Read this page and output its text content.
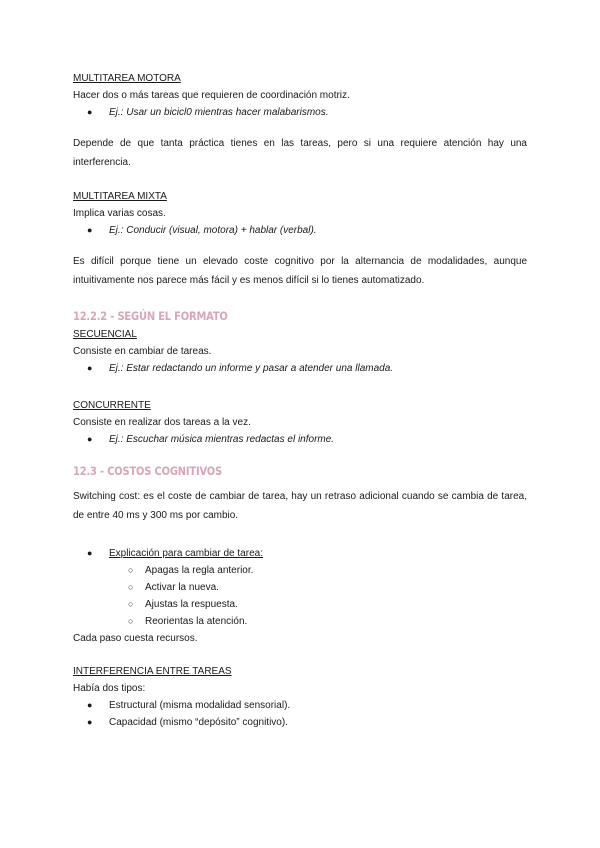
MULTITAREA MOTORA
Hacer dos o más tareas que requieren de coordinación motriz.
● Ej.: Usar un bicicl0 mientras hacer malabarismos.
Depende de que tanta práctica tienes en las tareas, pero si una requiere atención hay una interferencia.
MULTITAREA MIXTA
Implica varias cosas.
● Ej.: Conducir (visual, motora) + hablar (verbal).
Es difícil porque tiene un elevado coste cognitivo por la alternancia de modalidades, aunque intuitivamente nos parece más fácil y es menos difícil si lo tienes automatizado.
12.2.2 - SEGÚN EL FORMATO
SECUENCIAL
Consiste en cambiar de tareas.
● Ej.: Estar redactando un informe y pasar a atender una llamada.
CONCURRENTE
Consiste en realizar dos tareas a la vez.
● Ej.: Escuchar música mientras redactas el informe.
12.3 - COSTOS COGNITIVOS
Switching cost: es el coste de cambiar de tarea, hay un retraso adicional cuando se cambia de tarea, de entre 40 ms y 300 ms por cambio.
● Explicación para cambiar de tarea:
○ Apagas la regla anterior.
○ Activar la nueva.
○ Ajustas la respuesta.
○ Reorientas la atención.
Cada paso cuesta recursos.
INTERFERENCIA ENTRE TAREAS
Había dos tipos:
● Estructural (misma modalidad sensorial).
● Capacidad (mismo “depósito” cognitivo).
